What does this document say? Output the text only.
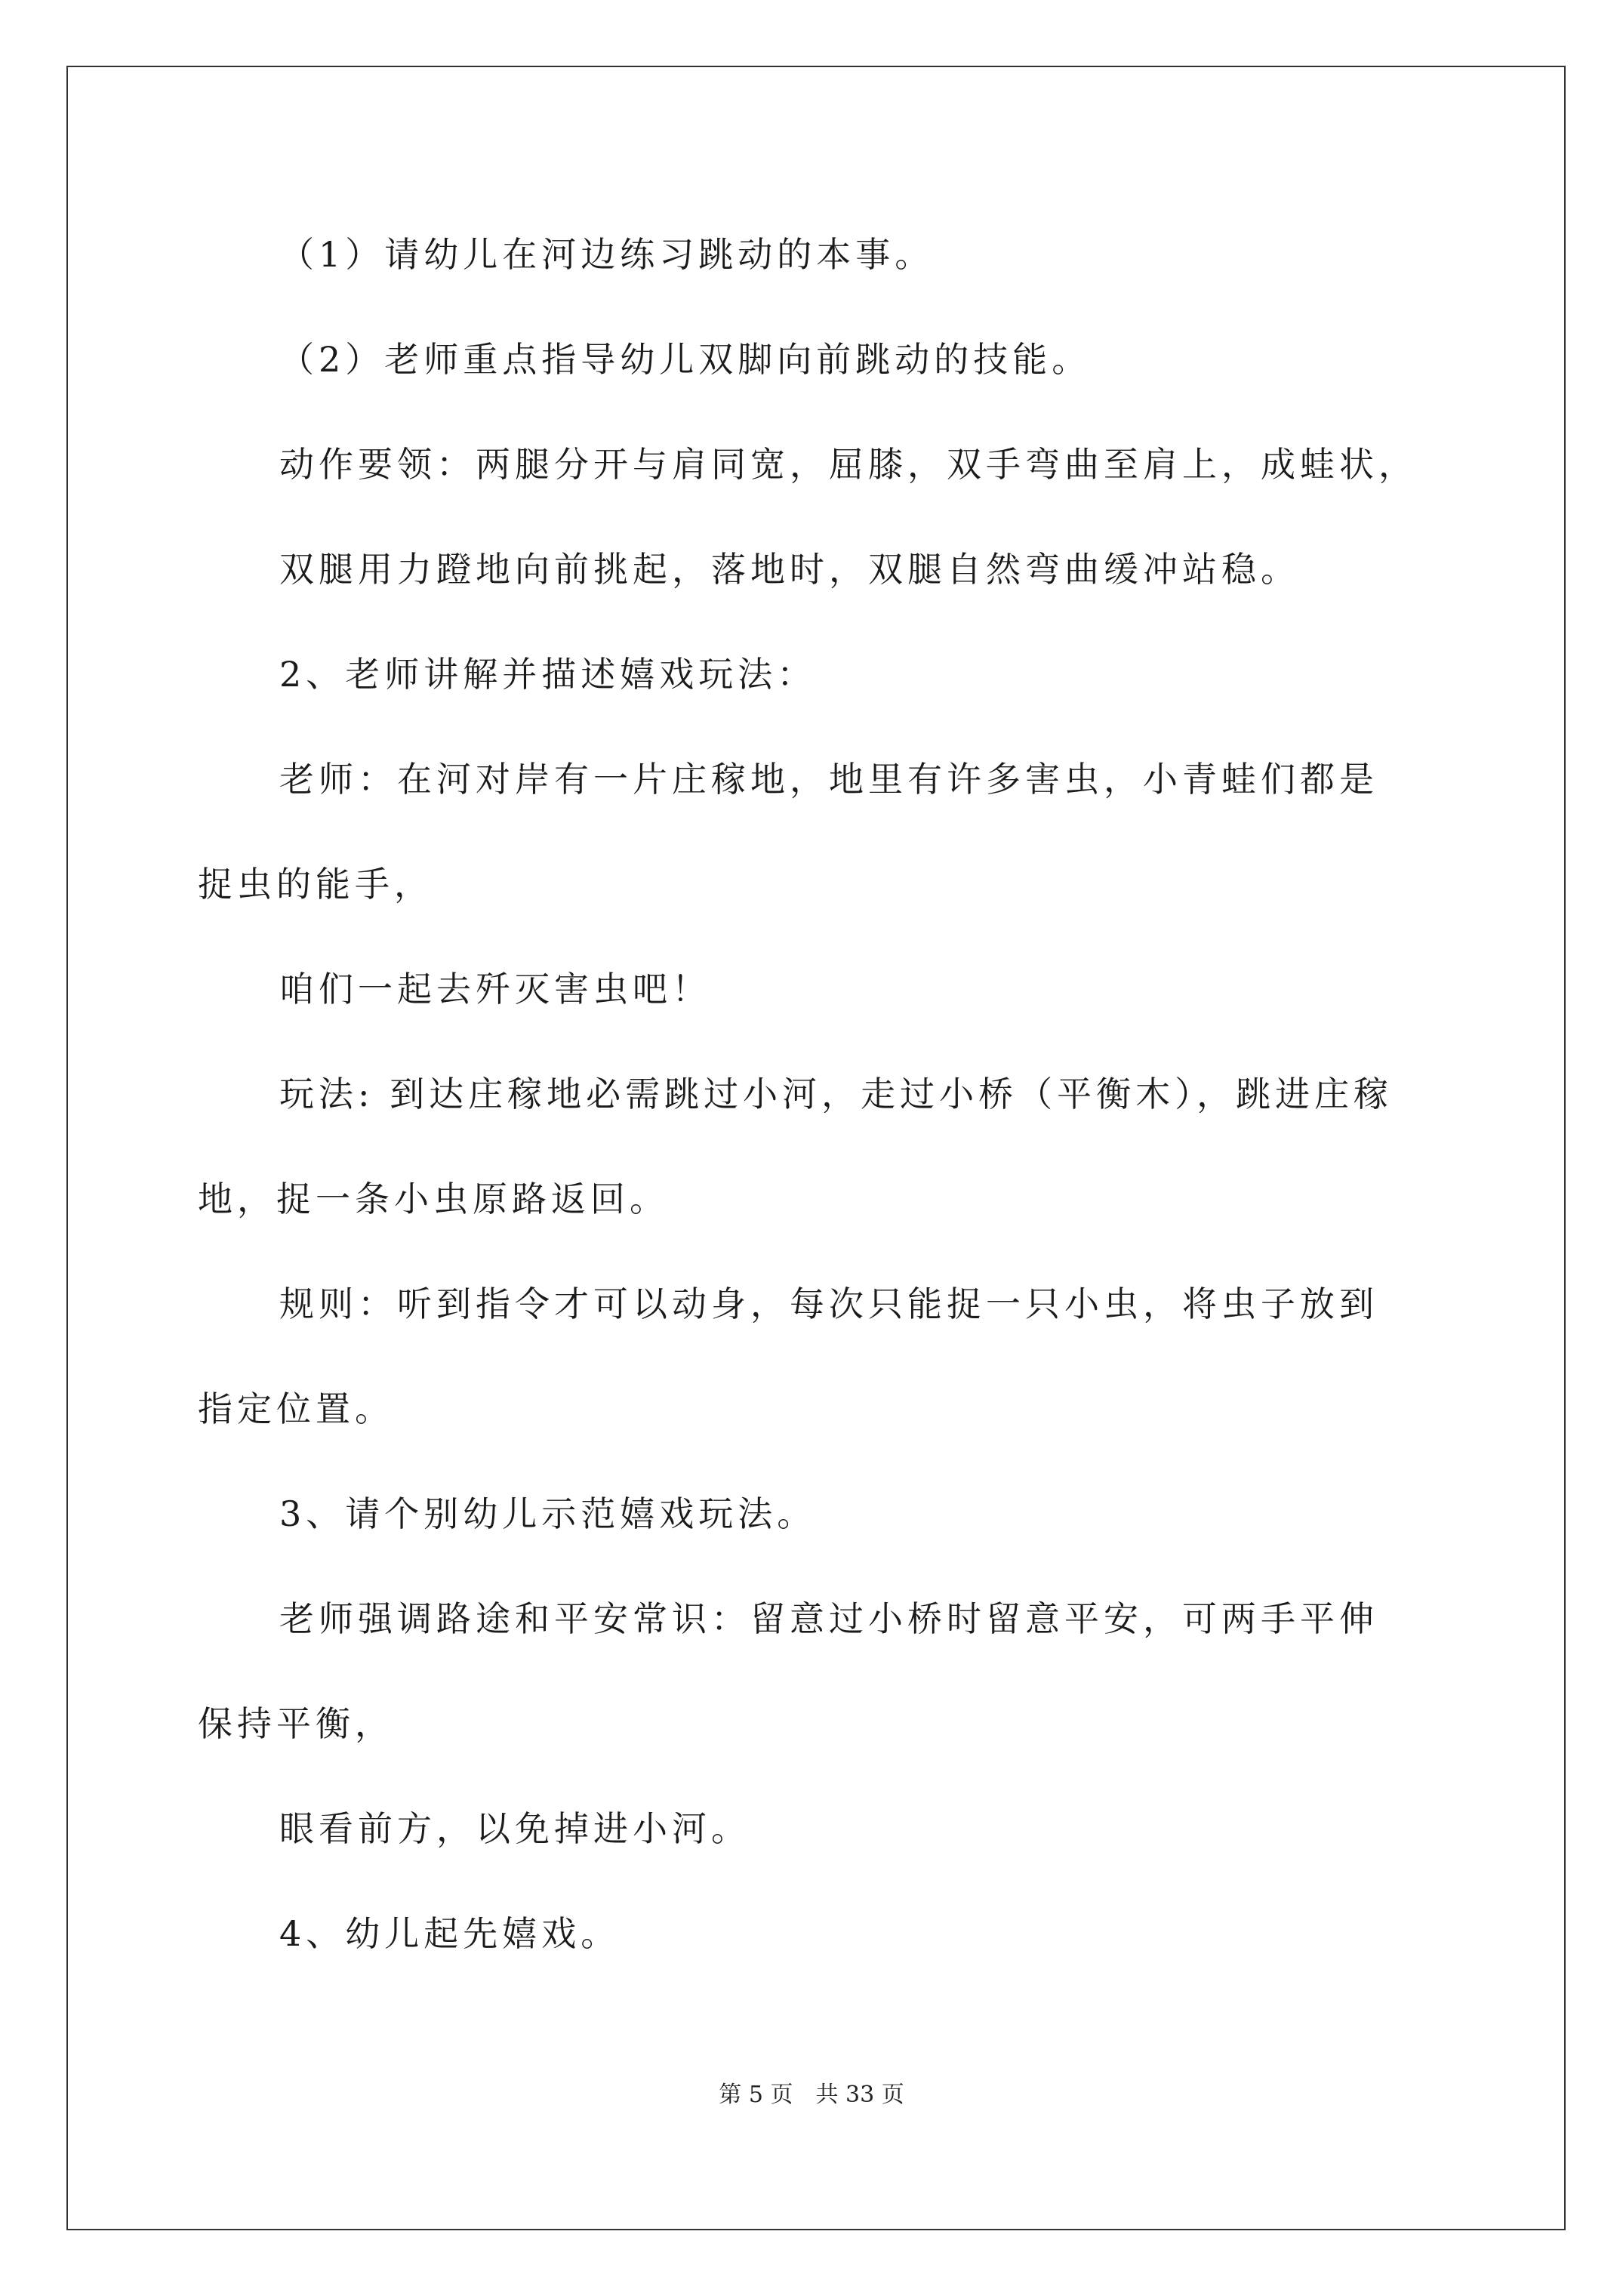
（1）请幼儿在河边练习跳动的本事。
（2）老师重点指导幼儿双脚向前跳动的技能。
动作要领：两腿分开与肩同宽，屈膝，双手弯曲至肩上，成蛙状，
双腿用力蹬地向前挑起，落地时，双腿自然弯曲缓冲站稳。
2、老师讲解并描述嬉戏玩法：
老师：在河对岸有一片庄稼地，地里有许多害虫，小青蛙们都是
捉虫的能手，
咱们一起去歼灭害虫吧！
玩法: 到达庄稼地必需跳过小河，走过小桥（平衡木），跳进庄稼
地，捉一条小虫原路返回。
规则：听到指令才可以动身，每次只能捉一只小虫，将虫子放到
指定位置。
3、请个别幼儿示范嬉戏玩法。
老师强调路途和平安常识：留意过小桥时留意平安，可两手平伸
保持平衡，
眼看前方，以免掉进小河。
4、幼儿起先嬉戏。
第 5 页　共 33 页
